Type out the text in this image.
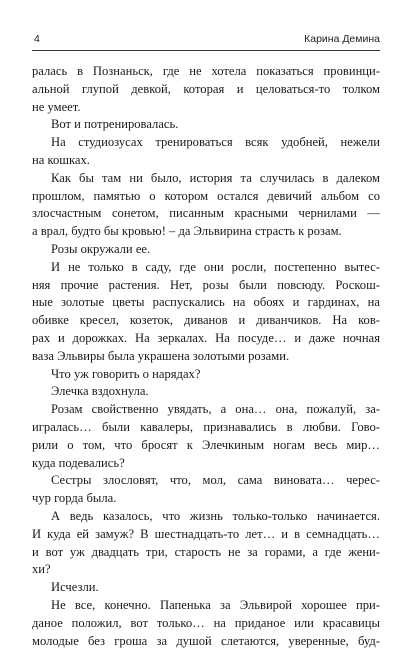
4	Карина Демина
ралась в Познаньск, где не хотела показаться провинци-
альной глупой девкой, которая и целоваться-то толком
не умеет.
Вот и потренировалась.
На студиозусах тренироваться всяк удобней, нежели
на кошках.
Как бы там ни было, история та случилась в далеком
прошлом, памятью о котором остался девичий альбом со
злосчастным сонетом, писанным красными чернилами —
а врал, будто бы кровью! – да Эльвирина страсть к розам.
Розы окружали ее.
И не только в саду, где они росли, постепенно вытес-
няя прочие растения. Нет, розы были повсюду. Роскош-
ные золотые цветы распускались на обоях и гардинах, на
обивке кресел, козеток, диванов и диванчиков. На ков-
рах и дорожках. На зеркалах. На посуде… и даже ночная
ваза Эльвиры была украшена золотыми розами.
Что уж говорить о нарядах?
Элечка вздохнула.
Розам свойственно увядать, а она… она, пожалуй, за-
игралась… были кавалеры, признавались в любви. Гово-
рили о том, что бросят к Элечкиным ногам весь мир…
куда подевались?
Сестры злословят, что, мол, сама виновата… черес-
чур горда была.
А ведь казалось, что жизнь только-только начинается.
И куда ей замуж? В шестнадцать-то лет… и в семнадцать…
и вот уж двадцать три, старость не за горами, а где жени-
хи?
Исчезли.
Не все, конечно. Папенька за Эльвирой хорошее при-
даное положил, вот только… на приданое или красавицы
молодые без гроша за душой слетаются, уверенные, буд-
